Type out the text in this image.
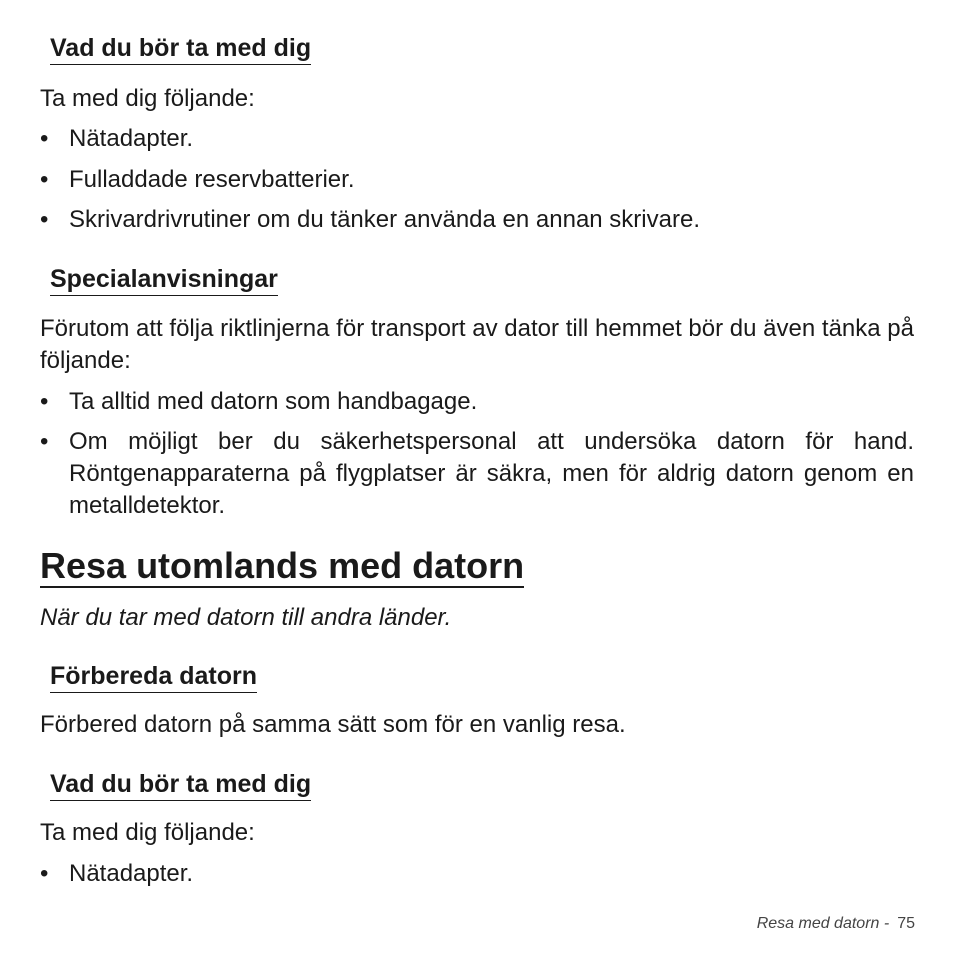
Vad du bör ta med dig

Ta med dig följande:

• Nätadapter.
• Fulladdade reservbatterier.
• Skrivardrivrutiner om du tänker använda en annan skrivare.
Specialanvisningar

Förutom att följa riktlinjerna för transport av dator till hemmet bör du även tänka på följande:

• Ta alltid med datorn som handbagage.
• Om möjligt ber du säkerhetspersonal att undersöka datorn för hand. Röntgenapparaterna på flygplatser är säkra, men för aldrig datorn genom en metalldetektor.
Resa utomlands med datorn

När du tar med datorn till andra länder.

Förbereda datorn

Förbered datorn på samma sätt som för en vanlig resa.

Vad du bör ta med dig

Ta med dig följande:

• Nätadapter.
Resa med datorn - 75
